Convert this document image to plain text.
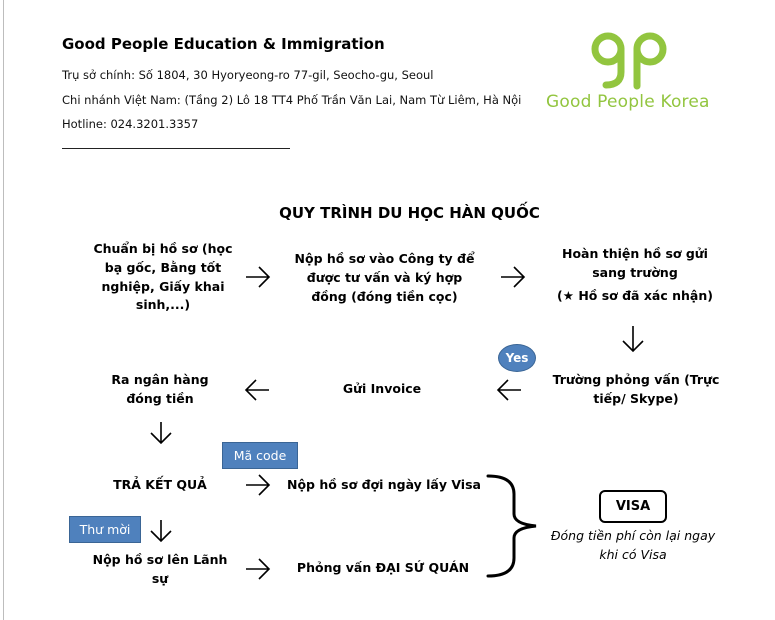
Good People Education & Immigration
Trụ sở chính: Số 1804, 30 Hyoryeong-ro 77-gil, Seocho-gu, Seoul
Chi nhánh Việt Nam: (Tầng 2) Lô 18 TT4 Phố Trần Văn Lai, Nam Từ Liêm, Hà Nội
Hotline: 024.3201.3357
Good People Korea
QUY TRÌNH DU HỌC HÀN QUỐC
Chuẩn bị hồ sơ (học bạ gốc, Bằng tốt nghiệp, Giấy khai sinh,...)
Nộp hồ sơ vào Công ty để được tư vấn và ký hợp đồng (đóng tiền cọc)
Hoàn thiện hồ sơ gửi sang trường
(★ Hồ sơ đã xác nhận)
Yes
Trường phỏng vấn (Trực tiếp/ Skype)
Gửi Invoice
Ra ngân hàng đóng tiền
Mã code
TRẢ KẾT QUẢ	Nộp hồ sơ đợi ngày lấy Visa
Thư mời
Nộp hồ sơ lên Lãnh sự
Phỏng vấn ĐẠI SỨ QUÁN
VISA
Đóng tiền phí còn lại ngay khi có Visa
